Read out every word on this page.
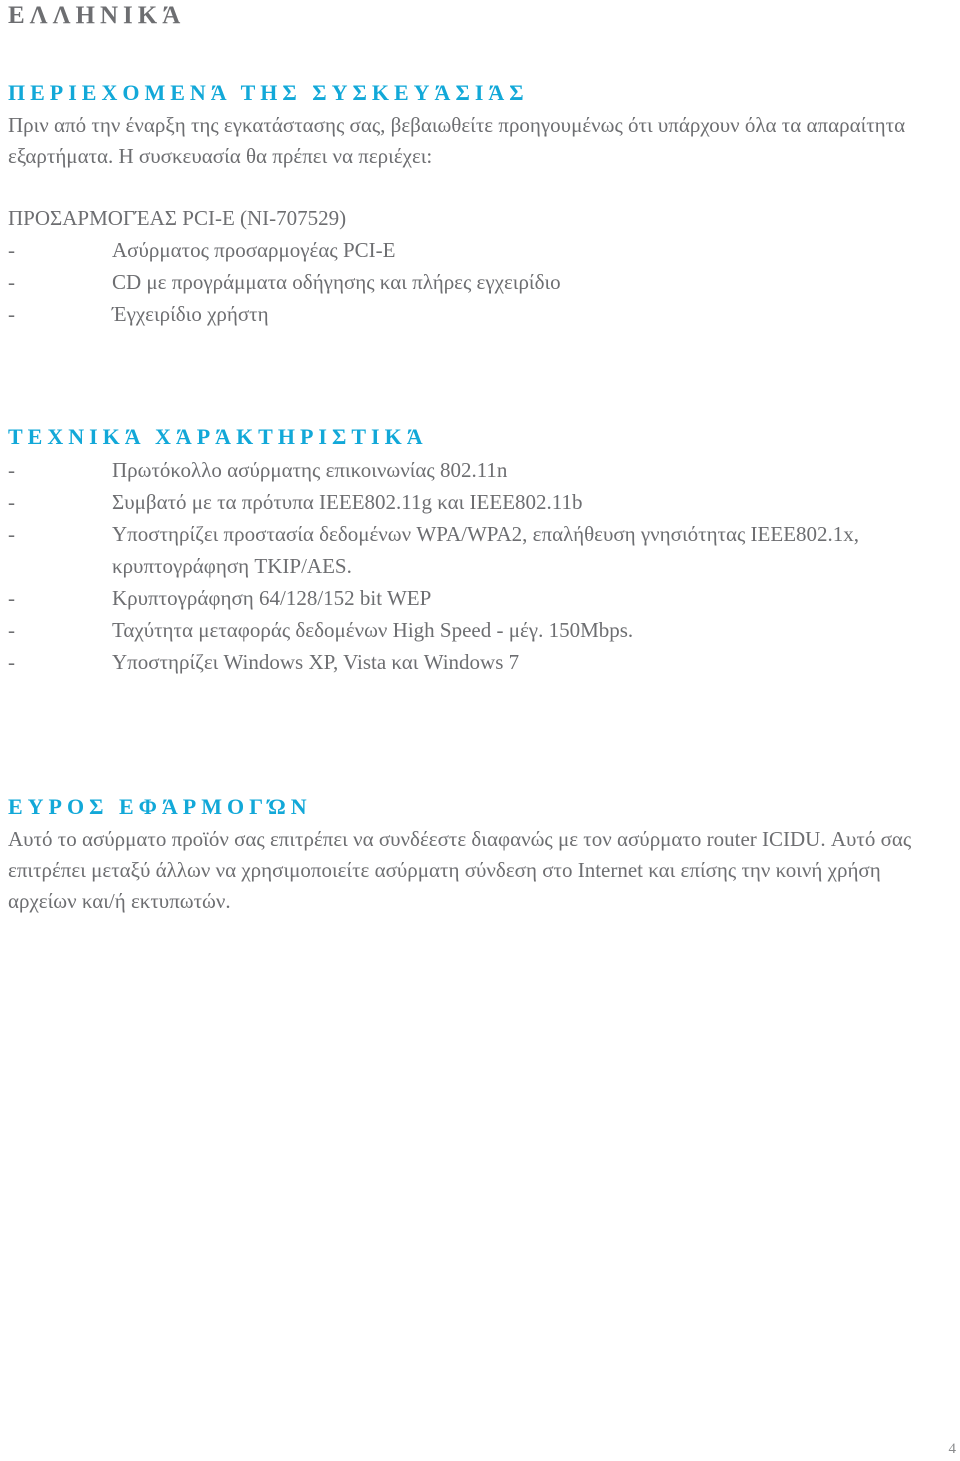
ΕΛΛΗΝΙΚΆ
ΠΕΡΙΕΧΟΜΕΝΆ ΤΗΣ ΣΥΣΚΕΥΆΣΙΆΣ

Πριν από την έναρξη της εγκατάστασης σας, βεβαιωθείτε προηγουμένως ότι υπάρχουν όλα τα απαραίτητα εξαρτήματα. Η συσκευασία θα πρέπει να περιέχει:

ΠΡΟΣΑΡΜΟΓΈΑΣ PCI-E (NI-707529)

-	Ασύρματος προσαρμογέας PCI-E
-	CD με προγράμματα οδήγησης και πλήρες εγχειρίδιο
-	Έγχειρίδιο χρήστη
ΤΕΧΝΙΚΆ ΧΆΡΆΚΤΗΡΙΣΤΙΚΆ
-	Πρωτόκολλο ασύρματης επικοινωνίας 802.11n
-	Συμβατό με τα πρότυπα IEEE802.11g και IEEE802.11b
-	Υποστηρίζει προστασία δεδομένων WPA/WPA2, επαλήθευση γνησιότητας IEEE802.1x, κρυπτογράφηση TKIP/AES.
-	Κρυπτογράφηση 64/128/152 bit WEP
-	Ταχύτητα μεταφοράς δεδομένων High Speed - μέγ. 150Mbps.
-	Υποστηρίζει Windows XP, Vista και Windows 7
ΕΥΡΟΣ ΕΦΆΡΜΟΓΏΝ

Αυτό το ασύρματο προϊόν σας επιτρέπει να συνδέεστε διαφανώς με τον ασύρματο router ICIDU. Αυτό σας επιτρέπει μεταξύ άλλων να χρησιμοποιείτε ασύρματη σύνδεση στο Internet και επίσης την κοινή χρήση αρχείων και/ή εκτυπωτών.

4
